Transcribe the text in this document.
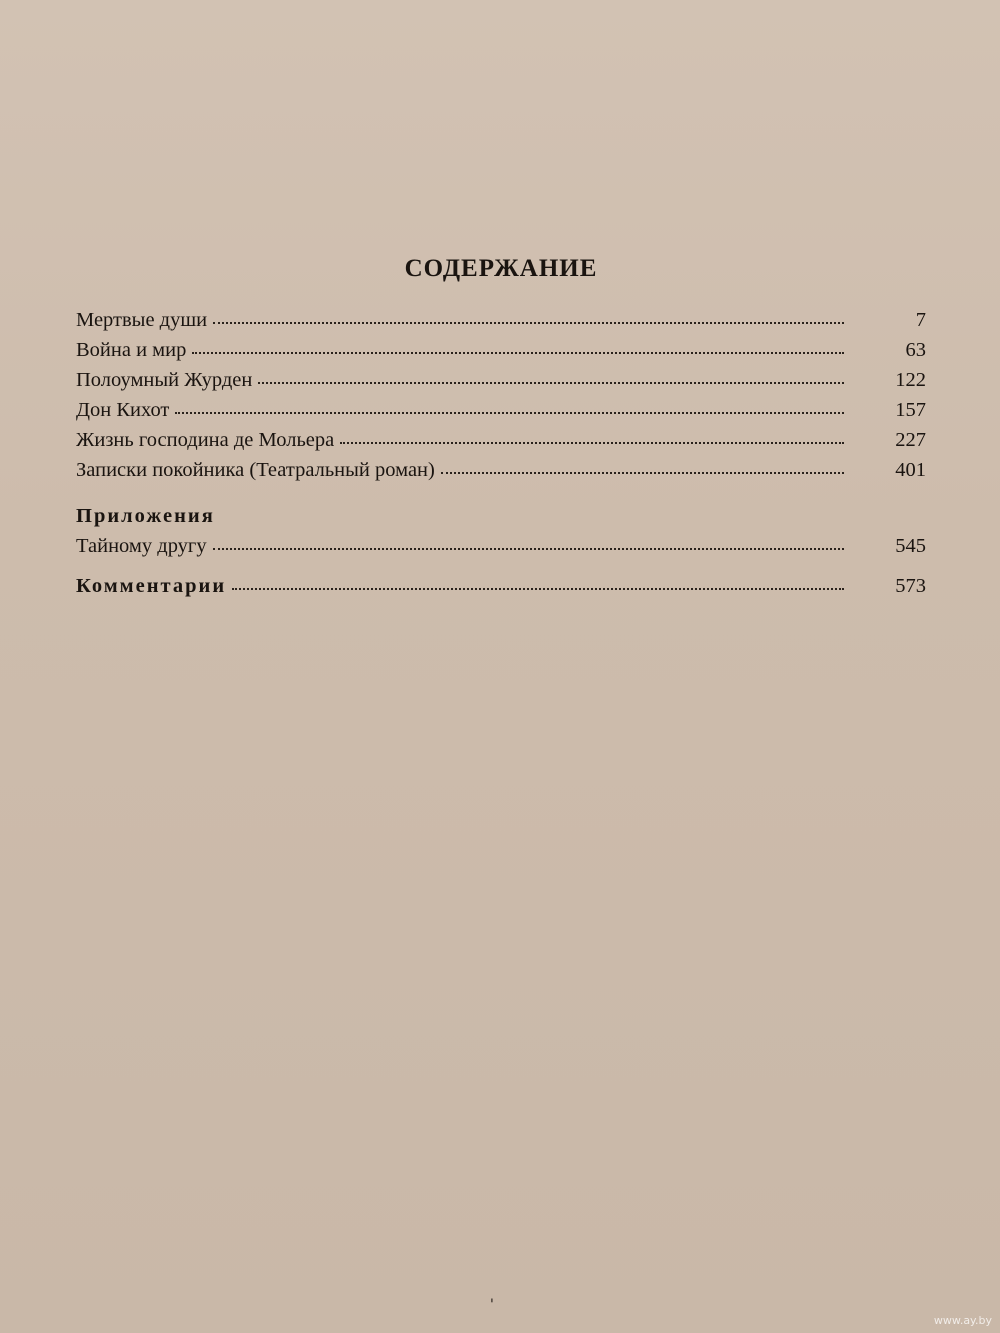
СОДЕРЖАНИЕ
Мертвые души	7
Война и мир	63
Полоумный Журден	122
Дон Кихот	157
Жизнь господина де Мольера	227
Записки покойника (Театральный роман)	401
Приложения
Тайному другу	545
Комментарии	573
'
www.ay.by
